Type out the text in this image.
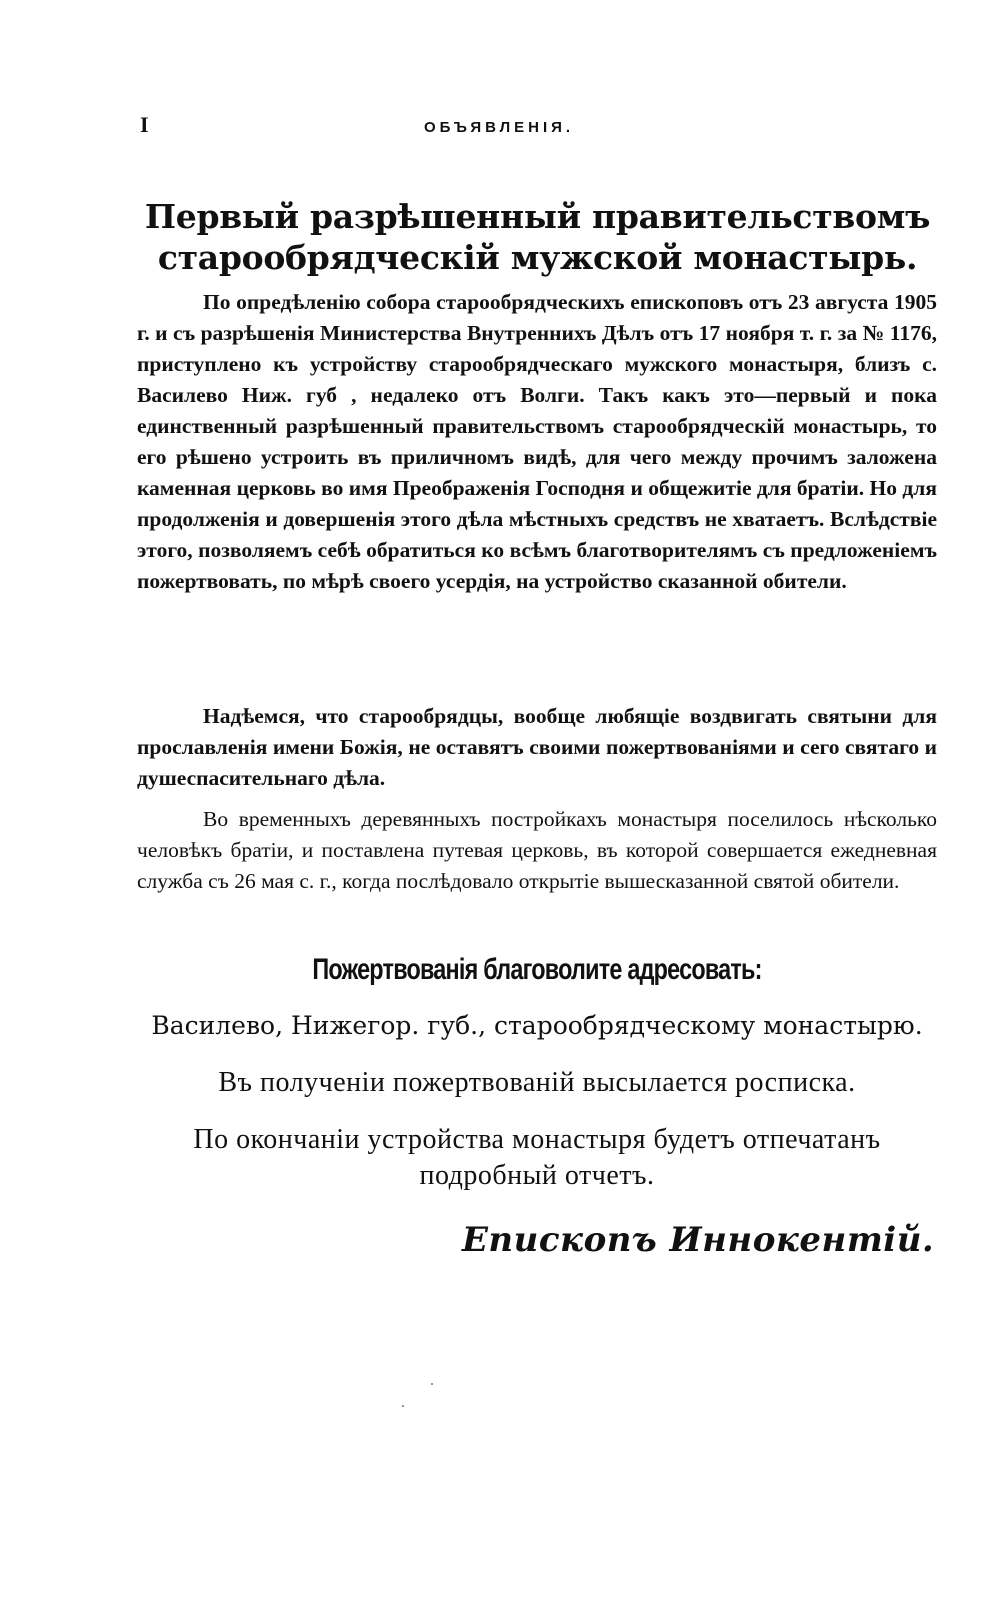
I	ОБЪЯВЛЕНIЯ.
Первый разрѣшенный правительствомъ старообрядческiй мужской монастырь.

По опредѣленiю собора старообрядческихъ епископовъ отъ 23 августа 1905 г. и съ разрѣшенiя Министерства Внутреннихъ Дѣлъ отъ 17 ноября т. г. за № 1176, приступлено къ устройству старообрядческаго мужского монастыря, близъ с. Василево Ниж. губ , недалеко отъ Волги. Такъ какъ это—первый и пока единственный разрѣшенный правительствомъ старообрядческiй монастырь, то его рѣшено устроить въ приличномъ видѣ, для чего между прочимъ заложена каменная церковь во имя Преображенiя Господня и общежитiе для братiи. Но для продолженiя и довершенiя этого дѣла мѣстныхъ средствъ не хватаетъ. Вслѣдствiе этого, позволяемъ себѣ обратиться ко всѣмъ благотворителямъ съ предложенiемъ пожертвовать, по мѣрѣ своего усердiя, на устройство сказанной обители.

Надѣемся, что старообрядцы, вообще любящiе воздвигать святыни для прославленiя имени Божiя, не оставятъ своими пожертвованiями и сего святаго и душеспасительнаго дѣла.

Во временныхъ деревянныхъ постройкахъ монастыря поселилось нѣсколько человѣкъ братiи, и поставлена путевая церковь, въ которой совершается ежедневная служба съ 26 мая с. г., когда послѣдовало открытiе вышесказанной святой обители.

Пожертвованiя благоволите адресовать:
Василево, Нижегор. губ., старообрядческому монастырю.
Въ полученiи пожертвованiй высылается росписка.
По окончанiи устройства монастыря будетъ отпечатанъ подробный отчетъ.
Епископъ Иннокентiй.
